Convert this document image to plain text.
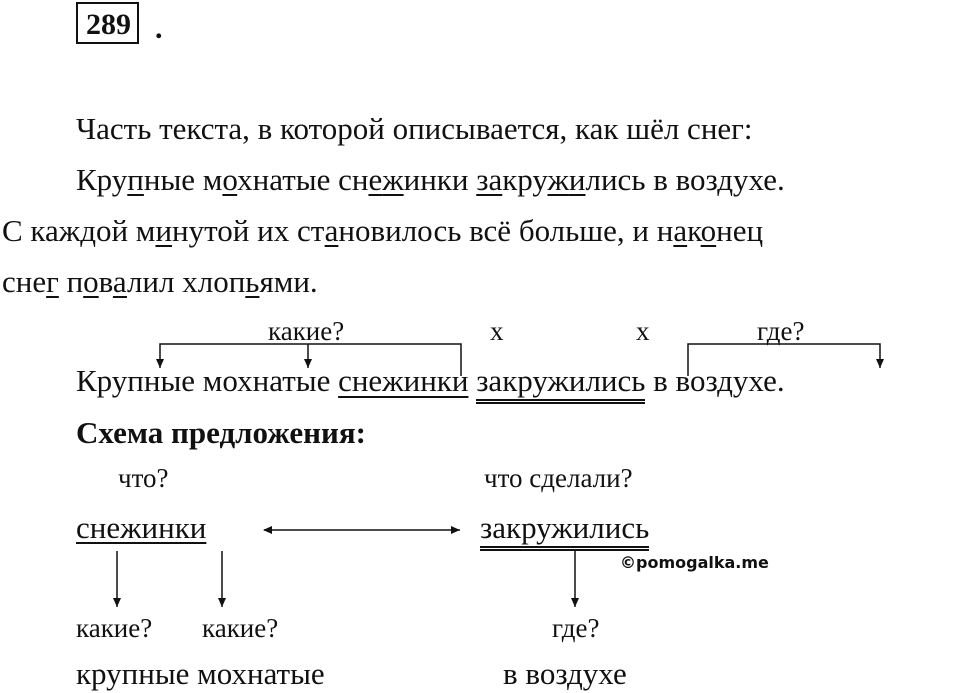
289 .
Часть текста, в которой описывается, как шёл снег:
Крупные мохнатые снежинки закружились в воздухе.
С каждой минутой их становилось всё больше, и наконец
снег повалил хлопьями.
какие?	х	х	где?
Крупные мохнатые снежинки закружились в воздухе.
Схема предложения:
что?	что сделали?
снежинки	закружились
©pomogalka.me
какие? какие?	где?
крупные мохнатые	в воздухе
